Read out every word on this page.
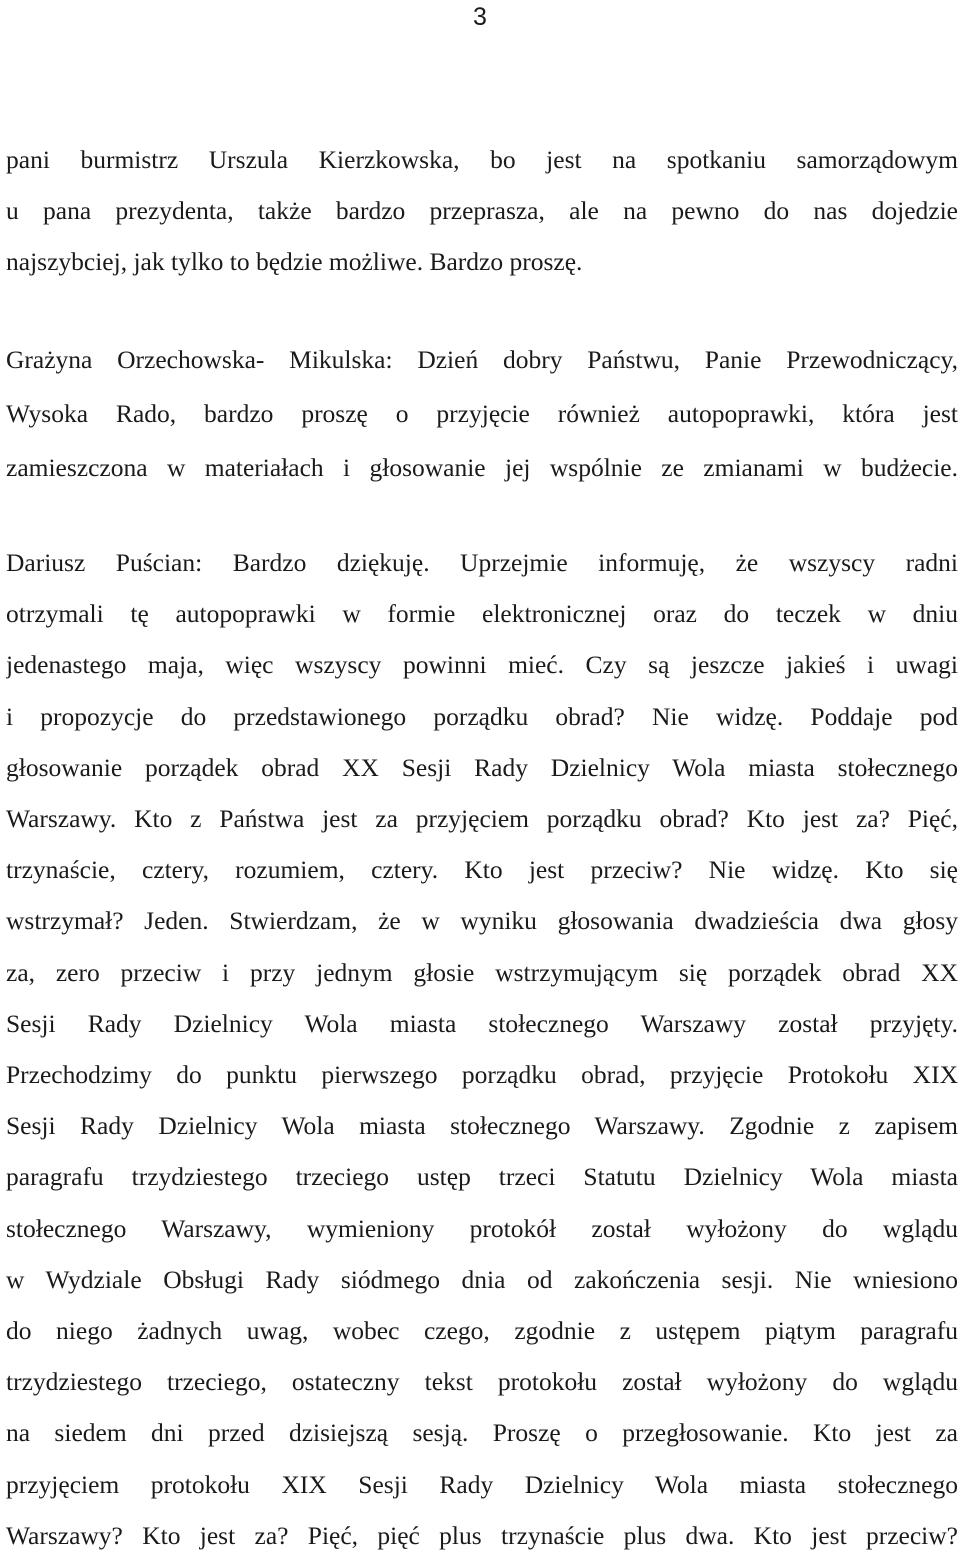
3

pani burmistrz Urszula Kierzkowska, bo jest na spotkaniu samorządowym
u pana prezydenta, także bardzo przeprasza, ale na pewno do nas dojedzie
najszybciej, jak tylko to będzie możliwe. Bardzo proszę.

Grażyna Orzechowska- Mikulska: Dzień dobry Państwu, Panie Przewodniczący,
Wysoka Rado, bardzo proszę o przyjęcie również autopoprawki, która jest
zamieszczona w materiałach i głosowanie jej wspólnie ze zmianami w budżecie.

Dariusz Puścian: Bardzo dziękuję. Uprzejmie informuję, że wszyscy radni
otrzymali tę autopoprawki w formie elektronicznej oraz do teczek w dniu
jedenastego maja, więc wszyscy powinni mieć. Czy są jeszcze jakieś i uwagi
i propozycje do przedstawionego porządku obrad? Nie widzę. Poddaje pod
głosowanie porządek obrad XX Sesji Rady Dzielnicy Wola miasta stołecznego
Warszawy. Kto z Państwa jest za przyjęciem porządku obrad? Kto jest za? Pięć,
trzynaście, cztery, rozumiem, cztery. Kto jest przeciw? Nie widzę. Kto się
wstrzymał? Jeden. Stwierdzam, że w wyniku głosowania dwadzieścia dwa głosy
za, zero przeciw i przy jednym głosie wstrzymującym się porządek obrad XX
Sesji Rady Dzielnicy Wola miasta stołecznego Warszawy został przyjęty.
Przechodzimy do punktu pierwszego porządku obrad, przyjęcie Protokołu XIX
Sesji Rady Dzielnicy Wola miasta stołecznego Warszawy. Zgodnie z zapisem
paragrafu trzydziestego trzeciego ustęp trzeci Statutu Dzielnicy Wola miasta
stołecznego Warszawy, wymieniony protokół został wyłożony do wglądu
w Wydziale Obsługi Rady siódmego dnia od zakończenia sesji. Nie wniesiono
do niego żadnych uwag, wobec czego, zgodnie z ustępem piątym paragrafu
trzydziestego trzeciego, ostateczny tekst protokołu został wyłożony do wglądu
na siedem dni przed dzisiejszą sesją. Proszę o przegłosowanie. Kto jest za
przyjęciem protokołu XIX Sesji Rady Dzielnicy Wola miasta stołecznego
Warszawy? Kto jest za? Pięć, pięć plus trzynaście plus dwa. Kto jest przeciw?
